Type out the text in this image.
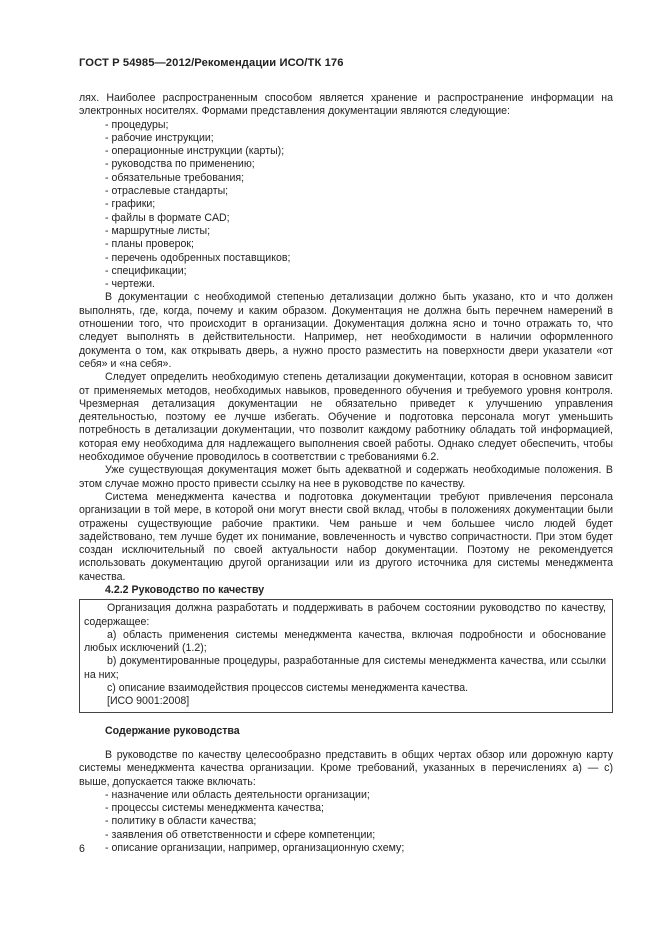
ГОСТ Р 54985—2012/Рекомендации ИСО/ТК 176

лях. Наиболее распространенным способом является хранение и распространение информации на электронных носителях. Формами представления документации являются следующие:

- процедуры;
- рабочие инструкции;
- операционные инструкции (карты);
- руководства по применению;
- обязательные требования;
- отраслевые стандарты;
- графики;
- файлы в формате CAD;
- маршрутные листы;
- планы проверок;
- перечень одобренных поставщиков;
- спецификации;
- чертежи.

В документации с необходимой степенью детализации должно быть указано, кто и что должен выполнять, где, когда, почему и каким образом. Документация не должна быть перечнем намерений в отношении того, что происходит в организации. Документация должна ясно и точно отражать то, что следует выполнять в действительности. Например, нет необходимости в наличии оформленного документа о том, как открывать дверь, а нужно просто разместить на поверхности двери указатели «от себя» и «на себя».

Следует определить необходимую степень детализации документации, которая в основном зависит от применяемых методов, необходимых навыков, проведенного обучения и требуемого уровня контроля. Чрезмерная детализация документации не обязательно приведет к улучшению управления деятельностью, поэтому ее лучше избегать. Обучение и подготовка персонала могут уменьшить потребность в детализации документации, что позволит каждому работнику обладать той информацией, которая ему необходима для надлежащего выполнения своей работы. Однако следует обеспечить, чтобы необходимое обучение проводилось в соответствии с требованиями 6.2.

Уже существующая документация может быть адекватной и содержать необходимые положения. В этом случае можно просто привести ссылку на нее в руководстве по качеству.

Система менеджмента качества и подготовка документации требуют привлечения персонала организации в той мере, в которой они могут внести свой вклад, чтобы в положениях документации были отражены существующие рабочие практики. Чем раньше и чем большее число людей будет задействовано, тем лучше будет их понимание, вовлеченность и чувство сопричастности. При этом будет создан исключительный по своей актуальности набор документации. Поэтому не рекомендуется использовать документацию другой организации или из другого источника для системы менеджмента качества.

4.2.2 Руководство по качеству

Организация должна разработать и поддерживать в рабочем состоянии руководство по качеству, содержащее:

a) область применения системы менеджмента качества, включая подробности и обоснование любых исключений (1.2);

b) документированные процедуры, разработанные для системы менеджмента качества, или ссылки на них;

c) описание взаимодействия процессов системы менеджмента качества.

[ИСО 9001:2008]
Содержание руководства

В руководстве по качеству целесообразно представить в общих чертах обзор или дорожную карту системы менеджмента качества организации. Кроме требований, указанных в перечислениях а) — с) выше, допускается также включать:

- назначение или область деятельности организации;
- процессы системы менеджмента качества;
- политику в области качества;
- заявления об ответственности и сфере компетенции;
- описание организации, например, организационную схему;
6
